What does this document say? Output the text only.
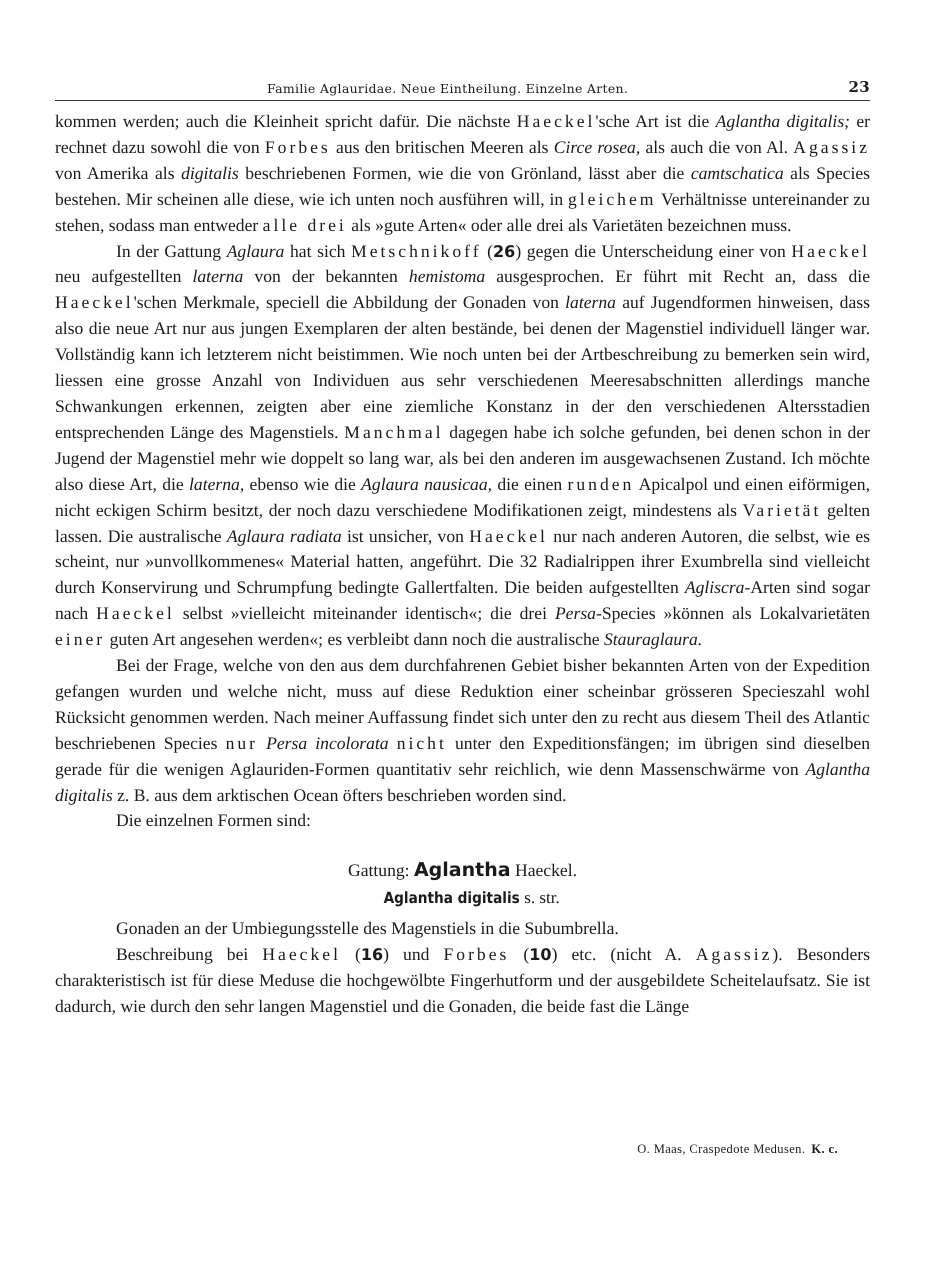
Familie Aglauridae. Neue Eintheilung. Einzelne Arten.	23

kommen werden; auch die Kleinheit spricht dafür. Die nächste Haeckel'sche Art ist die Aglantha digitalis; er rechnet dazu sowohl die von Forbes aus den britischen Meeren als Circe rosea, als auch die von Al. Agassiz von Amerika als digitalis beschriebenen Formen, wie die von Grönland, lässt aber die camtschatica als Species bestehen. Mir scheinen alle diese, wie ich unten noch ausführen will, in gleichem Verhältnisse untereinander zu stehen, sodass man entweder alle drei als »gute Arten« oder alle drei als Varietäten bezeichnen muss.

In der Gattung Aglaura hat sich Metschnikoff (26) gegen die Unterscheidung einer von Haeckel neu aufgestellten laterna von der bekannten hemistoma ausgesprochen. Er führt mit Recht an, dass die Haeckel'schen Merkmale, speciell die Abbildung der Gonaden von laterna auf Jugendformen hinweisen, dass also die neue Art nur aus jungen Exemplaren der alten bestände, bei denen der Magenstiel individuell länger war. Vollständig kann ich letzterem nicht beistimmen. Wie noch unten bei der Artbeschreibung zu bemerken sein wird, liessen eine grosse Anzahl von Individuen aus sehr verschiedenen Meeresabschnitten allerdings manche Schwankungen erkennen, zeigten aber eine ziemliche Konstanz in der den verschiedenen Altersstadien entsprechenden Länge des Magenstiels. Manchmal dagegen habe ich solche gefunden, bei denen schon in der Jugend der Magenstiel mehr wie doppelt so lang war, als bei den anderen im ausgewachsenen Zustand. Ich möchte also diese Art, die laterna, ebenso wie die Aglaura nausicaa, die einen runden Apicalpol und einen eiförmigen, nicht eckigen Schirm besitzt, der noch dazu verschiedene Modifikationen zeigt, mindestens als Varietät gelten lassen. Die australische Aglaura radiata ist unsicher, von Haeckel nur nach anderen Autoren, die selbst, wie es scheint, nur »unvollkommenes« Material hatten, angeführt. Die 32 Radialrippen ihrer Exumbrella sind vielleicht durch Konservirung und Schrumpfung bedingte Gallertfalten. Die beiden aufgestellten Agliscra-Arten sind sogar nach Haeckel selbst »vielleicht miteinander identisch«; die drei Persa-Species »können als Lokalvarietäten einer guten Art angesehen werden«; es verbleibt dann noch die australische Stauraglaura.

Bei der Frage, welche von den aus dem durchfahrenen Gebiet bisher bekannten Arten von der Expedition gefangen wurden und welche nicht, muss auf diese Reduktion einer scheinbar grösseren Specieszahl wohl Rücksicht genommen werden. Nach meiner Auffassung findet sich unter den zu recht aus diesem Theil des Atlantic beschriebenen Species nur Persa incolorata nicht unter den Expeditionsfängen; im übrigen sind dieselben gerade für die wenigen Aglauriden-Formen quantitativ sehr reichlich, wie denn Massenschwärme von Aglantha digitalis z. B. aus dem arktischen Ocean öfters beschrieben worden sind.

Die einzelnen Formen sind:

Gattung: Aglantha Haeckel.
Aglantha digitalis s. str.

Gonaden an der Umbiegungsstelle des Magenstiels in die Subumbrella.

Beschreibung bei Haeckel (16) und Forbes (10) etc. (nicht A. Agassiz). Besonders charakteristisch ist für diese Meduse die hochgewölbte Fingerhutform und der ausgebildete Scheitelaufsatz. Sie ist dadurch, wie durch den sehr langen Magenstiel und die Gonaden, die beide fast die Länge

O. Maas, Craspedote Medusen. K. c.
